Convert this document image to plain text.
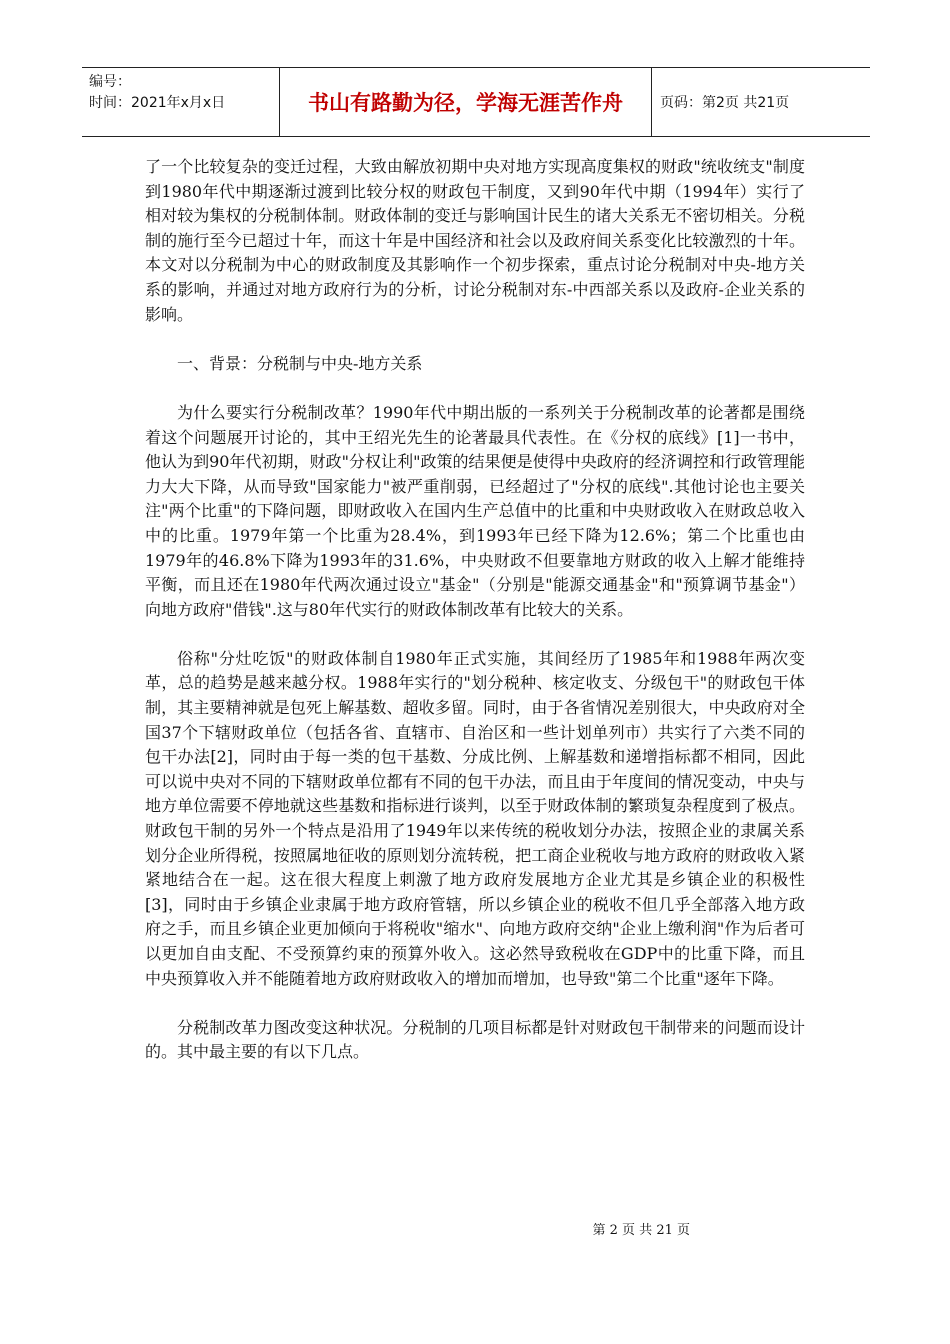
编号：
时间：2021年x月x日	书山有路勤为径，学海无涯苦作舟	页码：第2页 共21页

了一个比较复杂的变迁过程，大致由解放初期中央对地方实现高度集权的财政"统收统支"制度到1980年代中期逐渐过渡到比较分权的财政包干制度，又到90年代中期（1994年）实行了相对较为集权的分税制体制。财政体制的变迁与影响国计民生的诸大关系无不密切相关。分税制的施行至今已超过十年，而这十年是中国经济和社会以及政府间关系变化比较激烈的十年。本文对以分税制为中心的财政制度及其影响作一个初步探索，重点讨论分税制对中央-地方关系的影响，并通过对地方政府行为的分析，讨论分税制对东-中西部关系以及政府-企业关系的影响。

一、背景：分税制与中央-地方关系

为什么要实行分税制改革？1990年代中期出版的一系列关于分税制改革的论著都是围绕着这个问题展开讨论的，其中王绍光先生的论著最具代表性。在《分权的底线》[1]一书中，他认为到90年代初期，财政"分权让利"政策的结果便是使得中央政府的经济调控和行政管理能力大大下降，从而导致"国家能力"被严重削弱，已经超过了"分权的底线".其他讨论也主要关注"两个比重"的下降问题，即财政收入在国内生产总值中的比重和中央财政收入在财政总收入中的比重。1979年第一个比重为28.4%，到1993年已经下降为12.6%；第二个比重也由1979年的46.8%下降为1993年的31.6%，中央财政不但要靠地方财政的收入上解才能维持平衡，而且还在1980年代两次通过设立"基金"（分别是"能源交通基金"和"预算调节基金"）向地方政府"借钱".这与80年代实行的财政体制改革有比较大的关系。

俗称"分灶吃饭"的财政体制自1980年正式实施，其间经历了1985年和1988年两次变革，总的趋势是越来越分权。1988年实行的"划分税种、核定收支、分级包干"的财政包干体制，其主要精神就是包死上解基数、超收多留。同时，由于各省情况差别很大，中央政府对全国37个下辖财政单位（包括各省、直辖市、自治区和一些计划单列市）共实行了六类不同的包干办法[2]，同时由于每一类的包干基数、分成比例、上解基数和递增指标都不相同，因此可以说中央对不同的下辖财政单位都有不同的包干办法，而且由于年度间的情况变动，中央与地方单位需要不停地就这些基数和指标进行谈判，以至于财政体制的繁琐复杂程度到了极点。财政包干制的另外一个特点是沿用了1949年以来传统的税收划分办法，按照企业的隶属关系划分企业所得税，按照属地征收的原则划分流转税，把工商企业税收与地方政府的财政收入紧紧地结合在一起。这在很大程度上刺激了地方政府发展地方企业尤其是乡镇企业的积极性[3]，同时由于乡镇企业隶属于地方政府管辖，所以乡镇企业的税收不但几乎全部落入地方政府之手，而且乡镇企业更加倾向于将税收"缩水"、向地方政府交纳"企业上缴利润"作为后者可以更加自由支配、不受预算约束的预算外收入。这必然导致税收在GDP中的比重下降，而且中央预算收入并不能随着地方政府财政收入的增加而增加，也导致"第二个比重"逐年下降。

分税制改革力图改变这种状况。分税制的几项目标都是针对财政包干制带来的问题而设计的。其中最主要的有以下几点。

第 2 页 共 21 页
